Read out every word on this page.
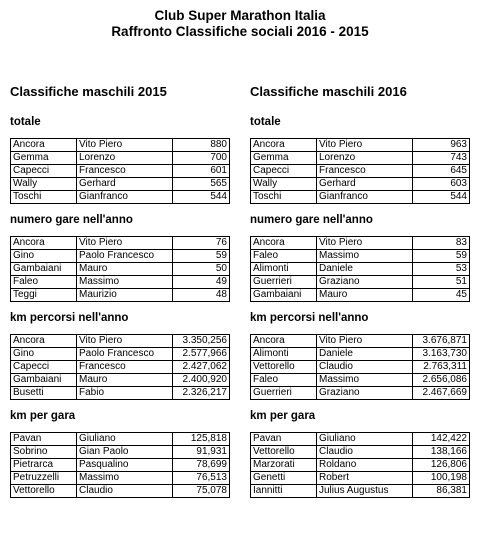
Club Super Marathon Italia
Raffronto Classifiche sociali 2016 - 2015
Classifiche maschili 2015
totale
Ancora	Vito Piero	880
Gemma	Lorenzo	700
Capecci	Francesco	601
Wally	Gerhard	565
Toschi	Gianfranco	544
numero gare nell'anno
Ancora	Vito Piero	76
Gino	Paolo Francesco	59
Gambaiani	Mauro	50
Faleo	Massimo	49
Teggi	Maurizio	48
km percorsi nell'anno
Ancora	Vito Piero	3.350,256
Gino	Paolo Francesco	2.577,966
Capecci	Francesco	2.427,062
Gambaiani	Mauro	2.400,920
Busetti	Fabio	2.326,217
km per gara
Pavan	Giuliano	125,818
Sobrino	Gian Paolo	91,931
Pietrarca	Pasqualino	78,699
Petruzzelli	Massimo	76,513
Vettorello	Claudio	75,078
Classifiche maschili 2016
totale
Ancora	Vito Piero	963
Gemma	Lorenzo	743
Capecci	Francesco	645
Wally	Gerhard	603
Toschi	Gianfranco	544
numero gare nell'anno
Ancora	Vito Piero	83
Faleo	Massimo	59
Alimonti	Daniele	53
Guerrieri	Graziano	51
Gambaiani	Mauro	45
km percorsi nell'anno
Ancora	Vito Piero	3.676,871
Alimonti	Daniele	3.163,730
Vettorello	Claudio	2.763,311
Faleo	Massimo	2.656,086
Guerrieri	Graziano	2.467,669
km per gara
Pavan	Giuliano	142,422
Vettorello	Claudio	138,166
Marzorati	Roldano	126,806
Genetti	Robert	100,198
Iannitti	Julius Augustus	86,381
